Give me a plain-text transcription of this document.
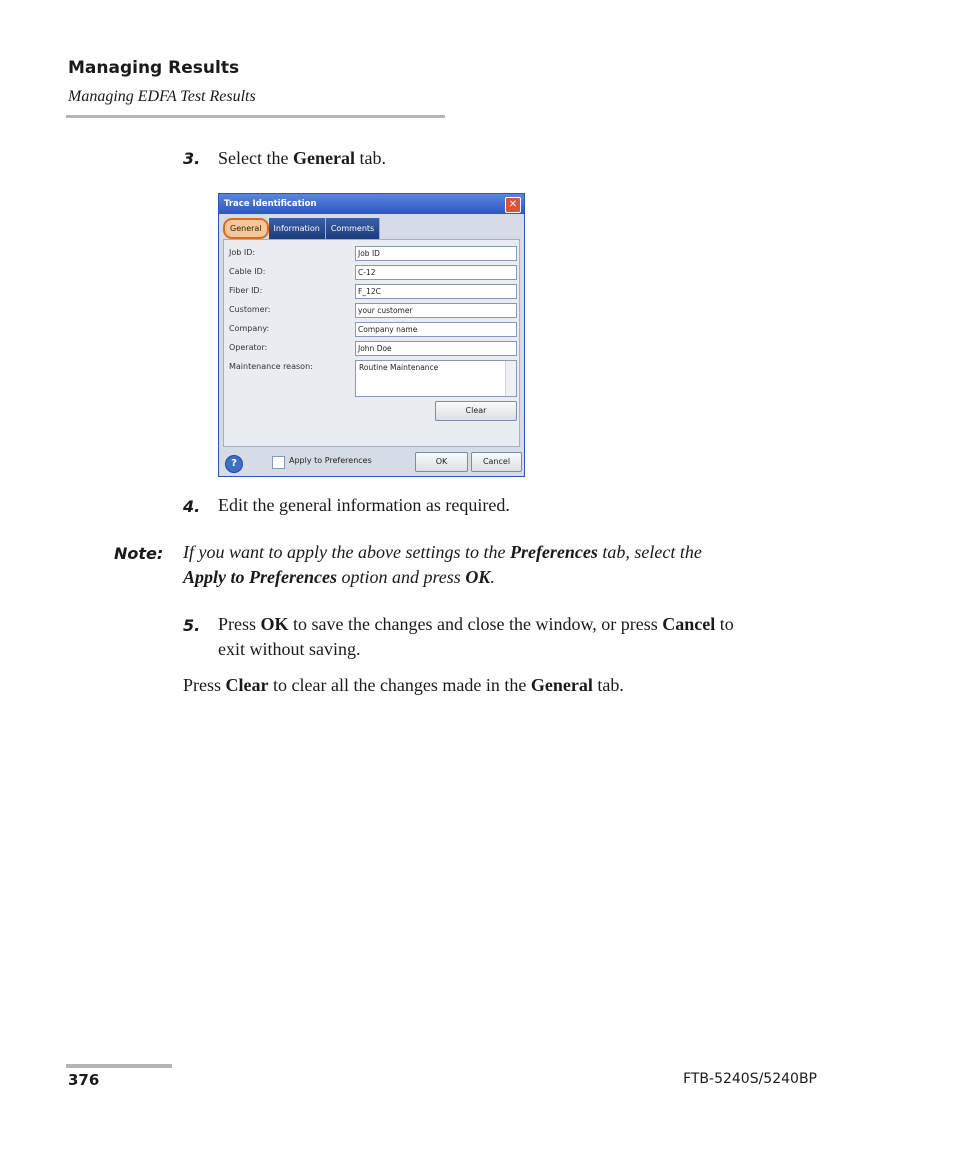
Managing Results
Managing EDFA Test Results
3. Select the General tab.
Trace Identification	✕
General	Information	Comments
Job ID:	Job ID
Cable ID:	C-12
Fiber ID:	F_12C
Customer:	your customer
Company:	Company name
Operator:	John Doe
Maintenance reason:	Routine Maintenance
Clear
?	Apply to Preferences	OK	Cancel
4. Edit the general information as required.
Note: If you want to apply the above settings to the Preferences tab, select the
Apply to Preferences option and press OK.
5. Press OK to save the changes and close the window, or press Cancel to
exit without saving.
Press Clear to clear all the changes made in the General tab.
376	FTB-5240S/5240BP
